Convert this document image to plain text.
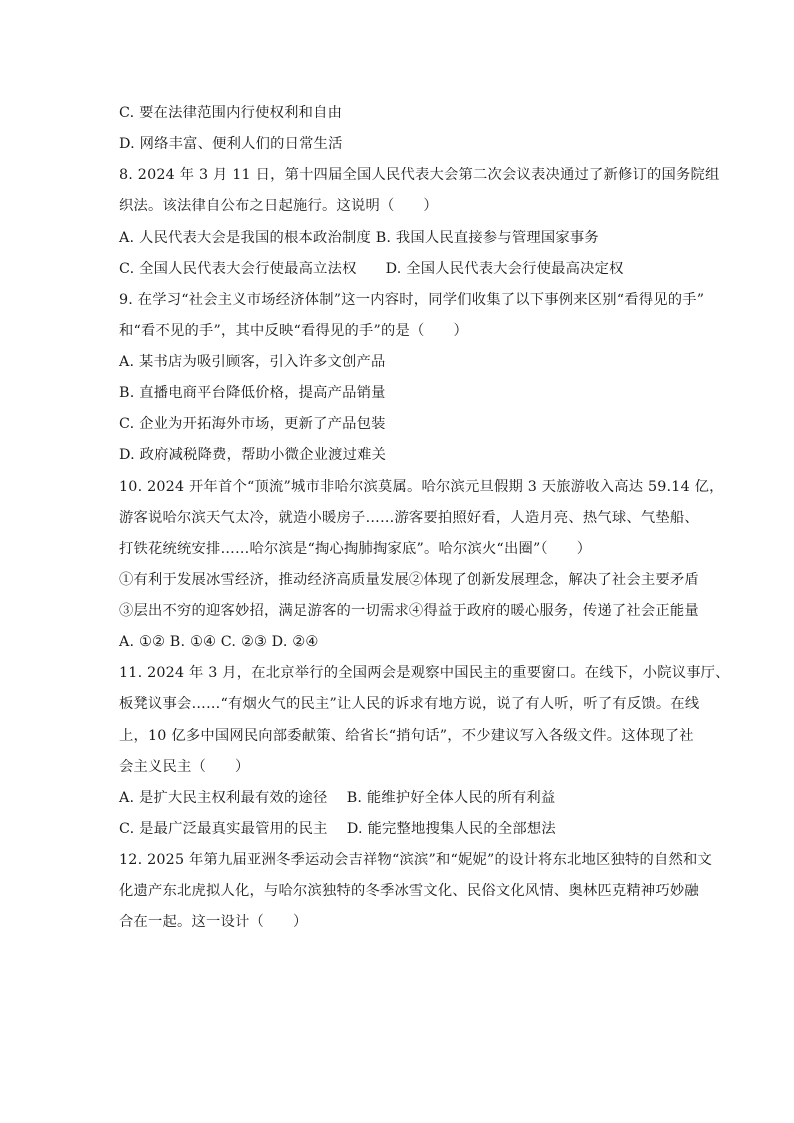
C. 要在法律范围内行使权利和自由
D. 网络丰富、便利人们的日常生活
8. 2024 年 3 月 11 日，第十四届全国人民代表大会第二次会议表决通过了新修订的国务院组
织法。该法律自公布之日起施行。这说明（　　）
A. 人民代表大会是我国的根本政治制度 B. 我国人民直接参与管理国家事务
C. 全国人民代表大会行使最高立法权　　D. 全国人民代表大会行使最高决定权
9. 在学习“社会主义市场经济体制”这一内容时，同学们收集了以下事例来区别“看得见的手”
和“看不见的手”，其中反映“看得见的手”的是（　　）
A. 某书店为吸引顾客，引入许多文创产品
B. 直播电商平台降低价格，提高产品销量
C. 企业为开拓海外市场，更新了产品包装
D. 政府减税降费，帮助小微企业渡过难关
10. 2024 开年首个“顶流”城市非哈尔滨莫属。哈尔滨元旦假期 3 天旅游收入高达 59.14 亿，
游客说哈尔滨天气太冷，就造小暖房子……游客要拍照好看，人造月亮、热气球、气垫船、
打铁花统统安排……哈尔滨是“掏心掏肺掏家底”。哈尔滨火“出圈”（　　）
①有利于发展冰雪经济，推动经济高质量发展②体现了创新发展理念，解决了社会主要矛盾
③层出不穷的迎客妙招，满足游客的一切需求④得益于政府的暖心服务，传递了社会正能量
A. ①② B. ①④ C. ②③ D. ②④
11. 2024 年 3 月，在北京举行的全国两会是观察中国民主的重要窗口。在线下，小院议事厅、
板凳议事会……“有烟火气的民主”让人民的诉求有地方说，说了有人听，听了有反馈。在线
上，10 亿多中国网民向部委献策、给省长“捎句话”，不少建议写入各级文件。这体现了社
会主义民主（　　）
A. 是扩大民主权利最有效的途径　 B. 能维护好全体人民的所有利益
C. 是最广泛最真实最管用的民主　 D. 能完整地搜集人民的全部想法
12. 2025 年第九届亚洲冬季运动会吉祥物“滨滨”和“妮妮”的设计将东北地区独特的自然和文
化遗产东北虎拟人化，与哈尔滨独特的冬季冰雪文化、民俗文化风情、奥林匹克精神巧妙融
合在一起。这一设计（　　）
